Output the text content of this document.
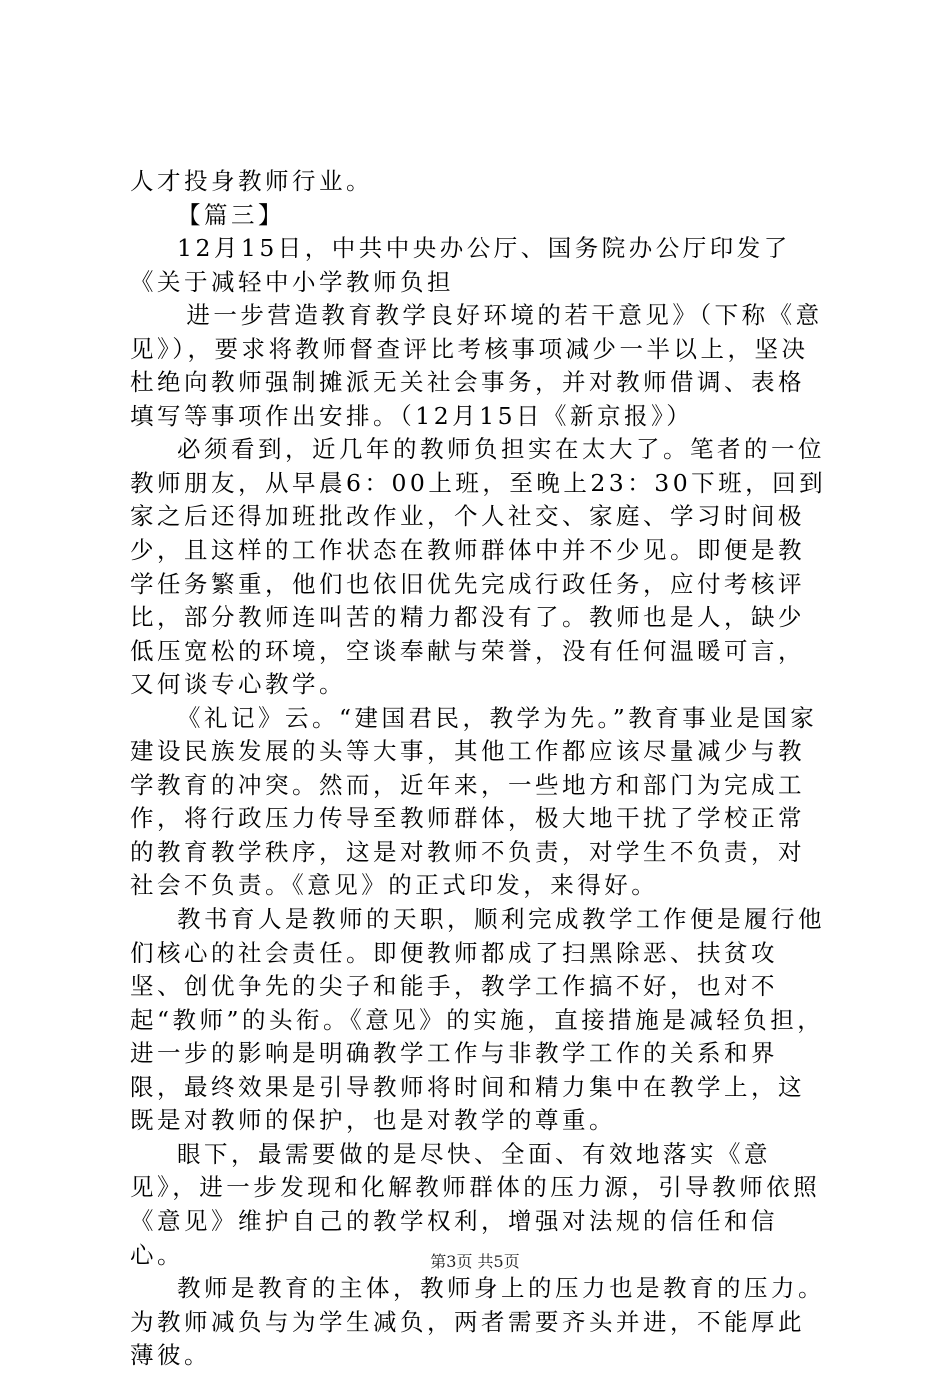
人才投身教师行业。

【篇三】

12月15日，中共中央办公厅、国务院办公厅印发了《关于减轻中小学教师负担

进一步营造教育教学良好环境的若干意见》（下称《意见》），要求将教师督查评比考核事项减少一半以上，坚决杜绝向教师强制摊派无关社会事务，并对教师借调、表格填写等事项作出安排。（12月15日《新京报》）

必须看到，近几年的教师负担实在太大了。笔者的一位教师朋友，从早晨6：00上班，至晚上23：30下班，回到家之后还得加班批改作业，个人社交、家庭、学习时间极少，且这样的工作状态在教师群体中并不少见。即便是教学任务繁重，他们也依旧优先完成行政任务，应付考核评比，部分教师连叫苦的精力都没有了。教师也是人，缺少低压宽松的环境，空谈奉献与荣誉，没有任何温暖可言，又何谈专心教学。

《礼记》云。“建国君民，教学为先。”教育事业是国家建设民族发展的头等大事，其他工作都应该尽量减少与教学教育的冲突。然而，近年来，一些地方和部门为完成工作，将行政压力传导至教师群体，极大地干扰了学校正常的教育教学秩序，这是对教师不负责，对学生不负责，对社会不负责。《意见》的正式印发，来得好。

教书育人是教师的天职，顺利完成教学工作便是履行他们核心的社会责任。即便教师都成了扫黑除恶、扶贫攻坚、创优争先的尖子和能手，教学工作搞不好，也对不起“教师”的头衔。《意见》的实施，直接措施是减轻负担，进一步的影响是明确教学工作与非教学工作的关系和界限，最终效果是引导教师将时间和精力集中在教学上，这既是对教师的保护，也是对教学的尊重。

眼下，最需要做的是尽快、全面、有效地落实《意见》，进一步发现和化解教师群体的压力源，引导教师依照《意见》维护自己的教学权利，增强对法规的信任和信心。

教师是教育的主体，教师身上的压力也是教育的压力。为教师减负与为学生减负，两者需要齐头并进，不能厚此薄彼。

第3页 共5页
